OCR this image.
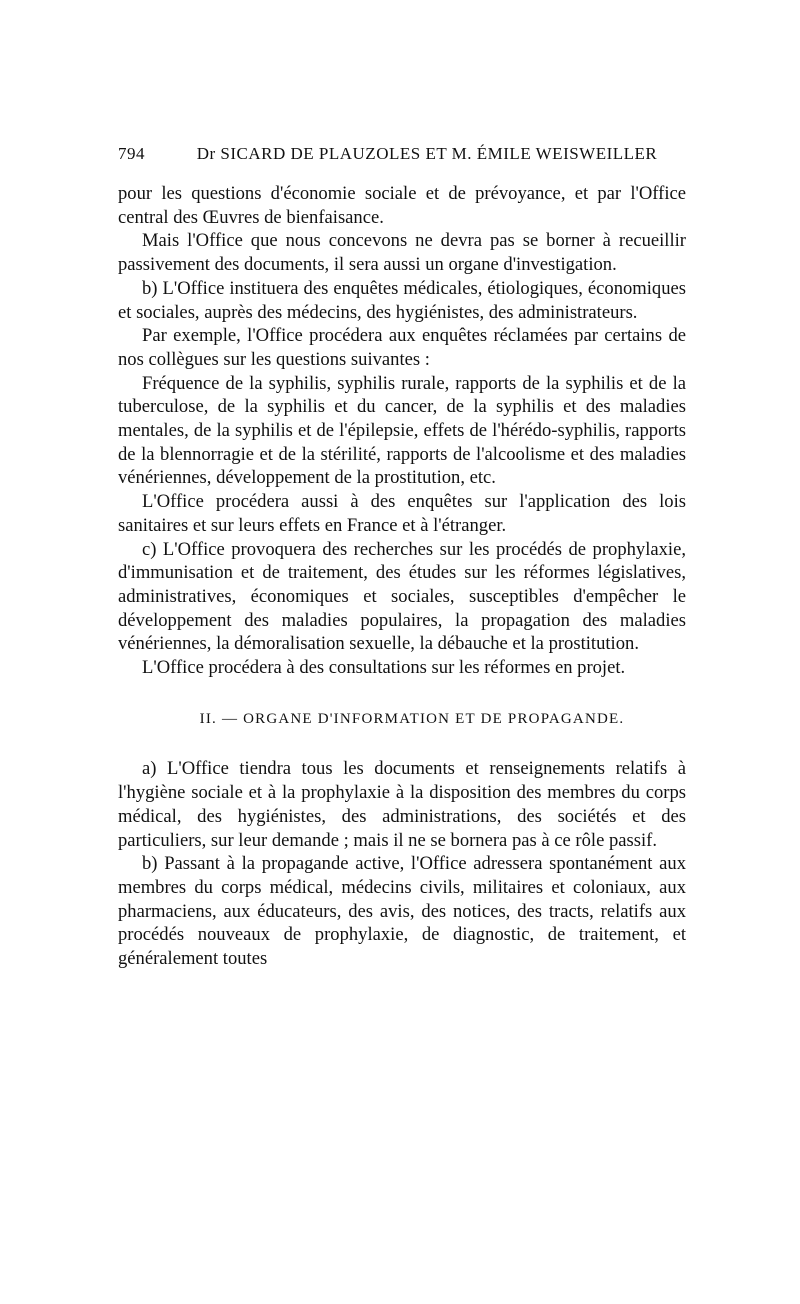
794	Dr SICARD DE PLAUZOLES ET M. ÉMILE WEISWEILLER

pour les questions d'économie sociale et de prévoyance, et par l'Office central des Œuvres de bienfaisance.

Mais l'Office que nous concevons ne devra pas se borner à recueillir passivement des documents, il sera aussi un organe d'investigation.

b) L'Office instituera des enquêtes médicales, étiologiques, économiques et sociales, auprès des médecins, des hygiénistes, des administrateurs.

Par exemple, l'Office procédera aux enquêtes réclamées par certains de nos collègues sur les questions suivantes :

Fréquence de la syphilis, syphilis rurale, rapports de la syphilis et de la tuberculose, de la syphilis et du cancer, de la syphilis et des maladies mentales, de la syphilis et de l'épilepsie, effets de l'hérédo-syphilis, rapports de la blennorragie et de la stérilité, rapports de l'alcoolisme et des maladies vénériennes, développement de la prostitution, etc.

L'Office procédera aussi à des enquêtes sur l'application des lois sanitaires et sur leurs effets en France et à l'étranger.

c) L'Office provoquera des recherches sur les procédés de prophylaxie, d'immunisation et de traitement, des études sur les réformes législatives, administratives, économiques et sociales, susceptibles d'empêcher le développement des maladies populaires, la propagation des maladies vénériennes, la démoralisation sexuelle, la débauche et la prostitution.

L'Office procédera à des consultations sur les réformes en projet.

II. — ORGANE D'INFORMATION ET DE PROPAGANDE.

a) L'Office tiendra tous les documents et renseignements relatifs à l'hygiène sociale et à la prophylaxie à la disposition des membres du corps médical, des hygiénistes, des administrations, des sociétés et des particuliers, sur leur demande ; mais il ne se bornera pas à ce rôle passif.

b) Passant à la propagande active, l'Office adressera spontanément aux membres du corps médical, médecins civils, militaires et coloniaux, aux pharmaciens, aux éducateurs, des avis, des notices, des tracts, relatifs aux procédés nouveaux de prophylaxie, de diagnostic, de traitement, et généralement toutes
